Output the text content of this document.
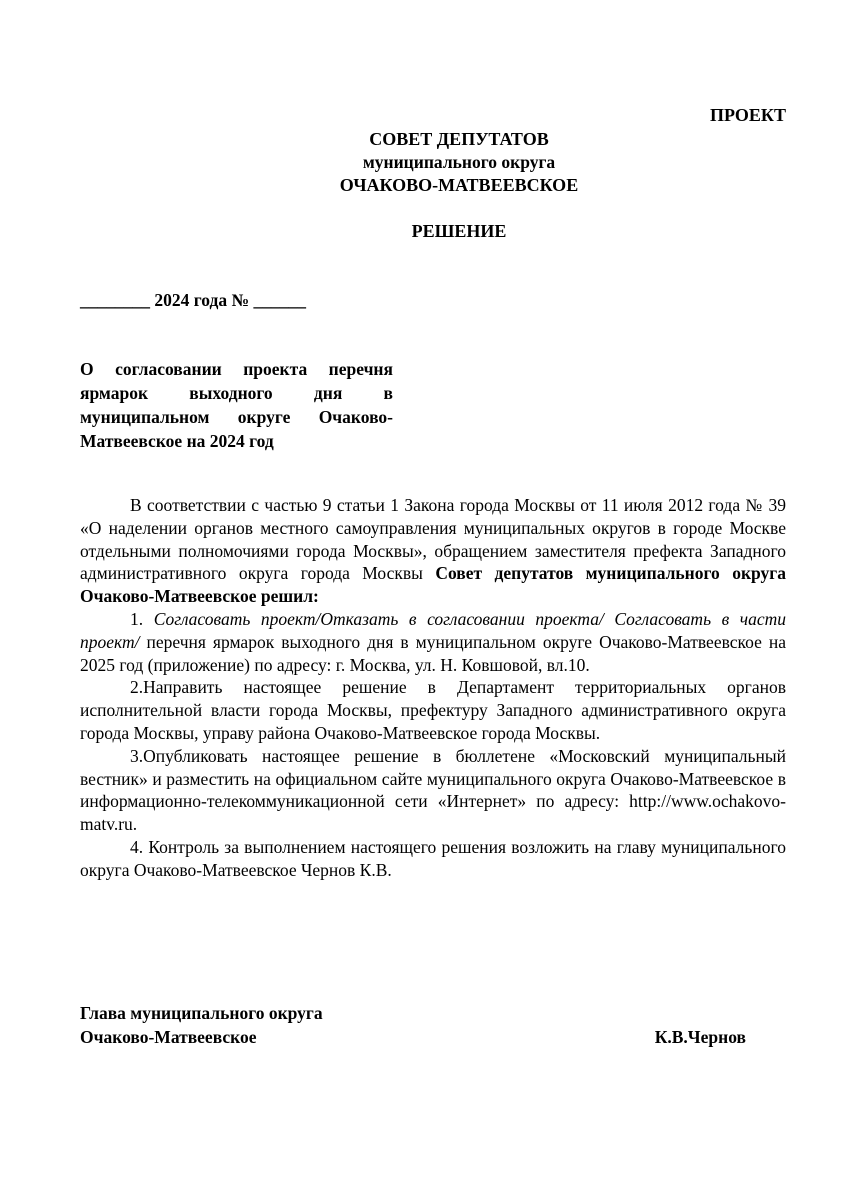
ПРОЕКТ
СОВЕТ ДЕПУТАТОВ
муниципального округа
ОЧАКОВО-МАТВЕЕВСКОЕ
РЕШЕНИЕ
________ 2024 года № ______
О согласовании проекта перечня
ярмарок выходного дня в
муниципальном округе Очаково-
Матвеевское на 2024 год

В соответствии с частью 9 статьи 1 Закона города Москвы от 11 июля 2012 года № 39 «О наделении органов местного самоуправления муниципальных округов в городе Москве отдельными полномочиями города Москвы», обращением заместителя префекта Западного административного округа города Москвы Совет депутатов муниципального округа Очаково-Матвеевское решил:

1. Согласовать проект/Отказать в согласовании проекта/ Согласовать в части проект/ перечня ярмарок выходного дня в муниципальном округе Очаково-Матвеевское на 2025 год (приложение) по адресу: г. Москва, ул. Н. Ковшовой, вл.10.

2.Направить настоящее решение в Департамент территориальных органов исполнительной власти города Москвы, префектуру Западного административного округа города Москвы, управу района Очаково-Матвеевское города Москвы.

3.Опубликовать настоящее решение в бюллетене «Московский муниципальный вестник» и разместить на официальном сайте муниципального округа Очаково-Матвеевское в информационно-телекоммуникационной сети «Интернет» по адресу: http://www.ochakovo-matv.ru.

4. Контроль за выполнением настоящего решения возложить на главу муниципального округа Очаково-Матвеевское Чернов К.В.

Глава муниципального округа
Очаково-Матвеевское	К.В.Чернов
